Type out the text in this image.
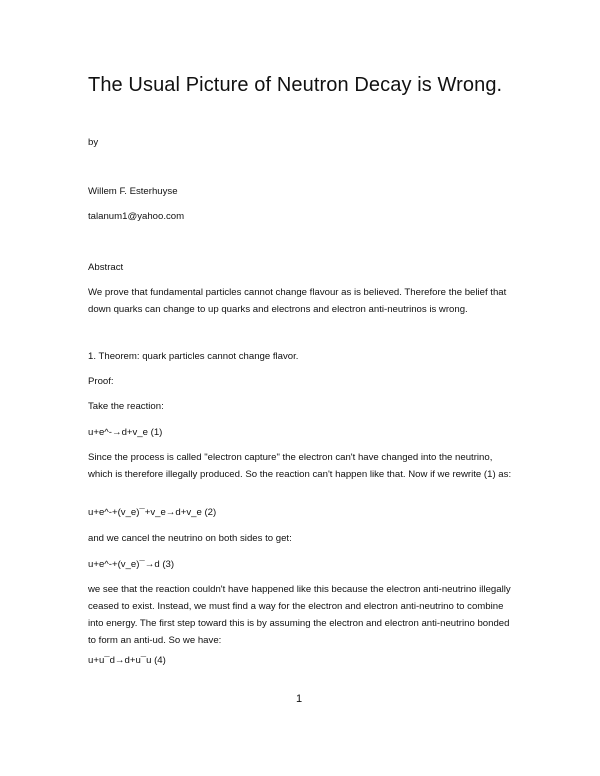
The Usual Picture of Neutron Decay is Wrong.

by

Willem F. Esterhuyse

talanum1@yahoo.com

Abstract

We prove that fundamental particles cannot change flavour as is believed. Therefore the belief that down quarks can change to up quarks and electrons and electron anti-neutrinos is wrong.

1. Theorem: quark particles cannot change flavor.

Proof:

Take the reaction:

u+e^-→d+v_e (1)

Since the process is called "electron capture" the electron can't have changed into the neutrino, which is therefore illegally produced. So the reaction can't happen like that. Now if we rewrite (1) as:

u+e^-+(v_e)¯+v_e→d+v_e (2)

and we cancel the neutrino on both sides to get:

u+e^-+(v_e)¯→d (3)

we see that the reaction couldn't have happened like this because the electron anti-neutrino illegally ceased to exist. Instead, we must find a way for the electron and electron anti-neutrino to combine into energy. The first step toward this is by assuming the electron and electron anti-neutrino bonded to form an anti-ud. So we have:

u+u¯d→d+u¯u (4)

1
